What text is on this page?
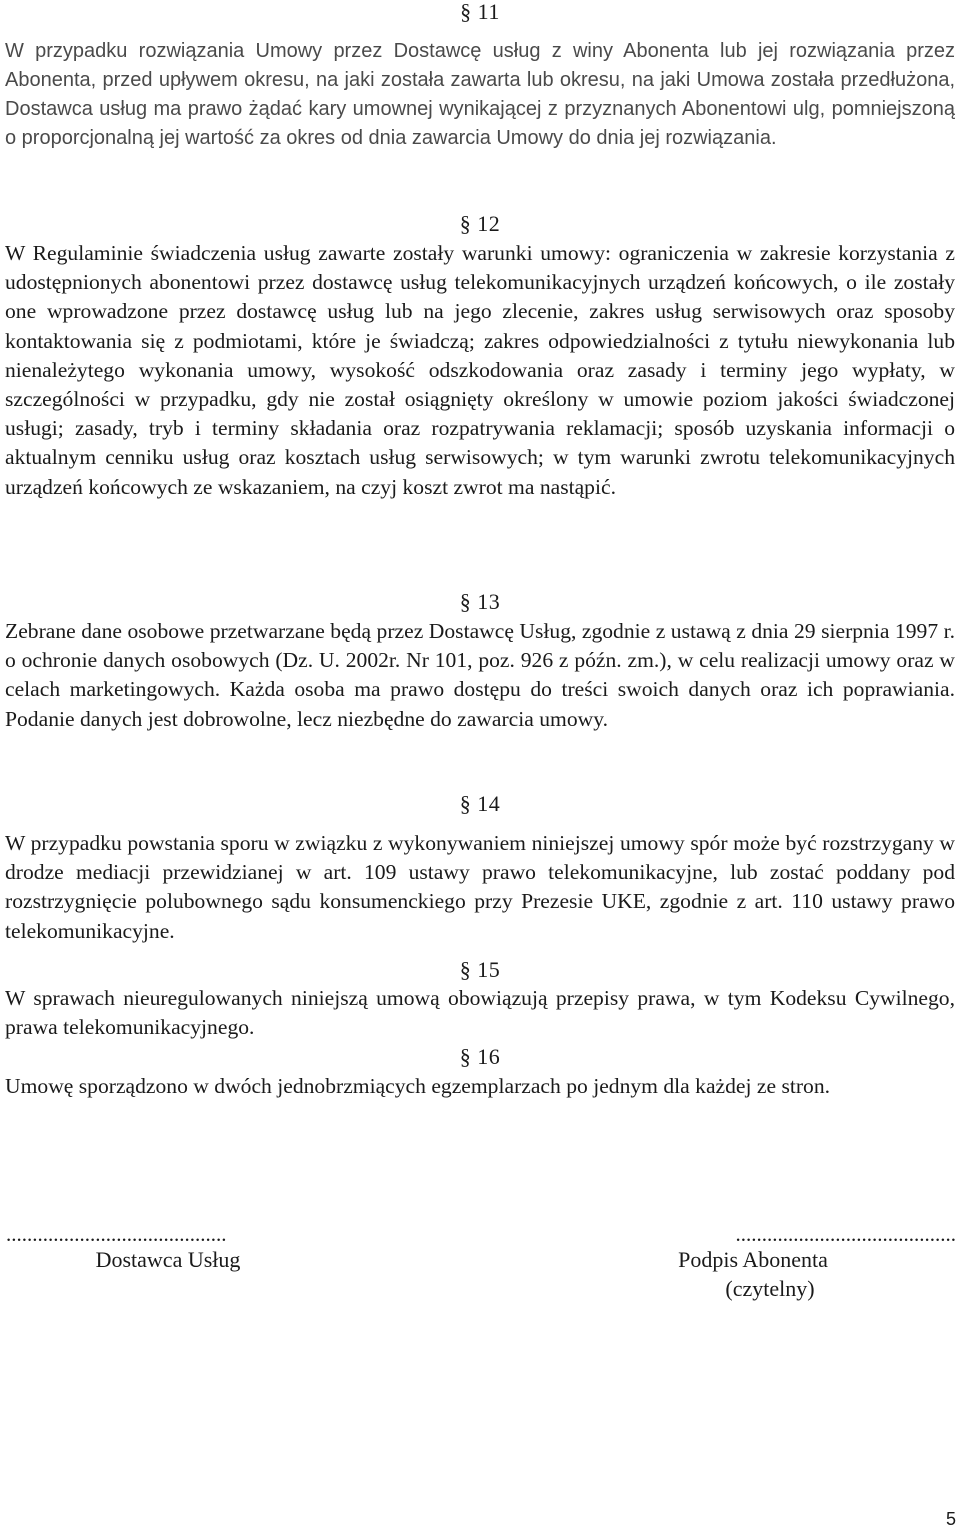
§ 11

W przypadku rozwiązania Umowy przez Dostawcę usług z winy Abonenta lub jej rozwiązania przez Abonenta, przed upływem okresu, na jaki została zawarta lub okresu, na jaki Umowa została przedłużona, Dostawca usług ma prawo żądać kary umownej wynikającej z przyznanych Abonentowi ulg, pomniejszoną o proporcjonalną jej wartość za okres od dnia zawarcia Umowy do dnia jej rozwiązania.

§ 12

W Regulaminie świadczenia usług zawarte zostały warunki umowy: ograniczenia w zakresie korzystania z udostępnionych abonentowi przez dostawcę usług telekomunikacyjnych urządzeń końcowych, o ile zostały one wprowadzone przez dostawcę usług lub na jego zlecenie, zakres usług serwisowych oraz sposoby kontaktowania się z podmiotami, które je świadczą; zakres odpowiedzialności z tytułu niewykonania lub nienależytego wykonania umowy, wysokość odszkodowania oraz zasady i terminy jego wypłaty, w szczególności w przypadku, gdy nie został osiągnięty określony w umowie poziom jakości świadczonej usługi; zasady, tryb i terminy składania oraz rozpatrywania reklamacji; sposób uzyskania informacji o aktualnym cenniku usług oraz kosztach usług serwisowych; w tym warunki zwrotu telekomunikacyjnych urządzeń końcowych ze wskazaniem, na czyj koszt zwrot ma nastąpić.

§ 13

Zebrane dane osobowe przetwarzane będą przez Dostawcę Usług, zgodnie z ustawą z dnia 29 sierpnia 1997 r. o ochronie danych osobowych (Dz. U. 2002r. Nr 101, poz. 926 z późn. zm.), w celu realizacji umowy oraz w celach marketingowych. Każda osoba ma prawo dostępu do treści swoich danych oraz ich poprawiania. Podanie danych jest dobrowolne, lecz niezbędne do zawarcia umowy.

§ 14

W przypadku powstania sporu w związku z wykonywaniem niniejszej umowy spór może być rozstrzygany w drodze mediacji przewidzianej w art. 109 ustawy prawo telekomunikacyjne, lub zostać poddany pod rozstrzygnięcie polubownego sądu konsumenckiego przy Prezesie UKE, zgodnie z art. 110 ustawy prawo telekomunikacyjne.

§ 15

W sprawach nieuregulowanych niniejszą umową obowiązują przepisy prawa, w tym Kodeksu Cywilnego, prawa telekomunikacyjnego.

§ 16

Umowę sporządzono w dwóch jednobrzmiących egzemplarzach po jednym dla każdej ze stron.

..........................................
Dostawca Usług
..........................................
Podpis Abonenta
(czytelny)
5
